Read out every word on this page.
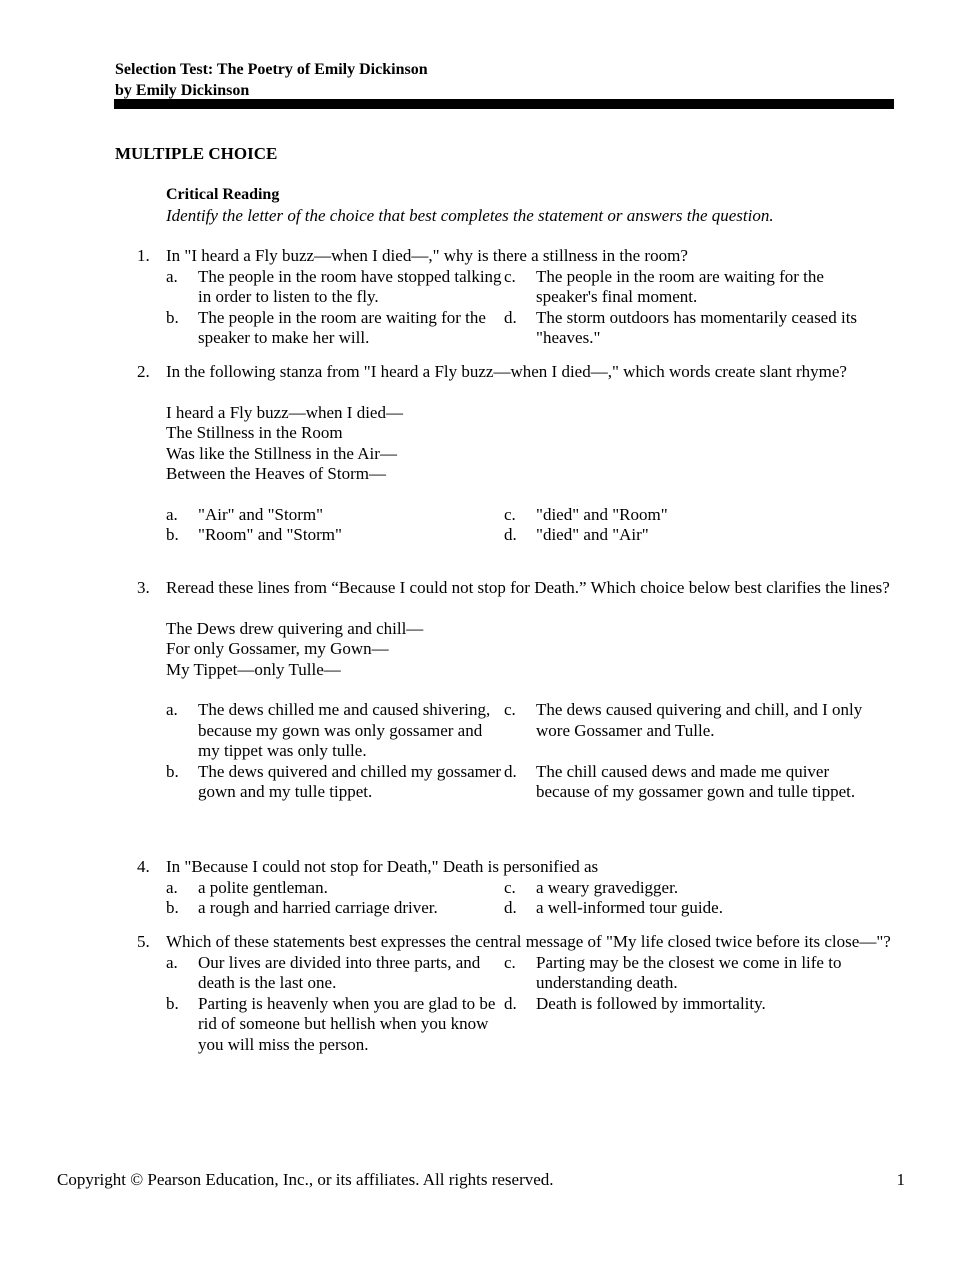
Selection Test: The Poetry of Emily Dickinson
by Emily Dickinson
MULTIPLE CHOICE
Critical Reading
Identify the letter of the choice that best completes the statement or answers the question.
1. In "I heard a Fly buzz—when I died—," why is there a stillness in the room?
a.	The people in the room have stopped talking in order to listen to the fly.
c.	The people in the room are waiting for the speaker's final moment.
b.	The people in the room are waiting for the speaker to make her will.
d.	The storm outdoors has momentarily ceased its "heaves."
2. In the following stanza from "I heard a Fly buzz—when I died—," which words create slant rhyme?
I heard a Fly buzz—when I died—
The Stillness in the Room
Was like the Stillness in the Air—
Between the Heaves of Storm—
a.	"Air" and "Storm"	c.	"died" and "Room"
b.	"Room" and "Storm"	d.	"died" and "Air"
3. Reread these lines from “Because I could not stop for Death.” Which choice below best clarifies the lines?
The Dews drew quivering and chill—
For only Gossamer, my Gown—
My Tippet—only Tulle—
a.	The dews chilled me and caused shivering, because my gown was only gossamer and my tippet was only tulle.
c.	The dews caused quivering and chill, and I only wore Gossamer and Tulle.
b.	The dews quivered and chilled my gossamer gown and my tulle tippet.
d.	The chill caused dews and made me quiver because of my gossamer gown and tulle tippet.
4. In "Because I could not stop for Death," Death is personified as
a.	a polite gentleman.	c.	a weary gravedigger.
b.	a rough and harried carriage driver.	d.	a well-informed tour guide.
5. Which of these statements best expresses the central message of "My life closed twice before its close—"?
a.	Our lives are divided into three parts, and death is the last one.
c.	Parting may be the closest we come in life to understanding death.
b.	Parting is heavenly when you are glad to be rid of someone but hellish when you know you will miss the person.
d.	Death is followed by immortality.
Copyright © Pearson Education, Inc., or its affiliates. All rights reserved.	1
